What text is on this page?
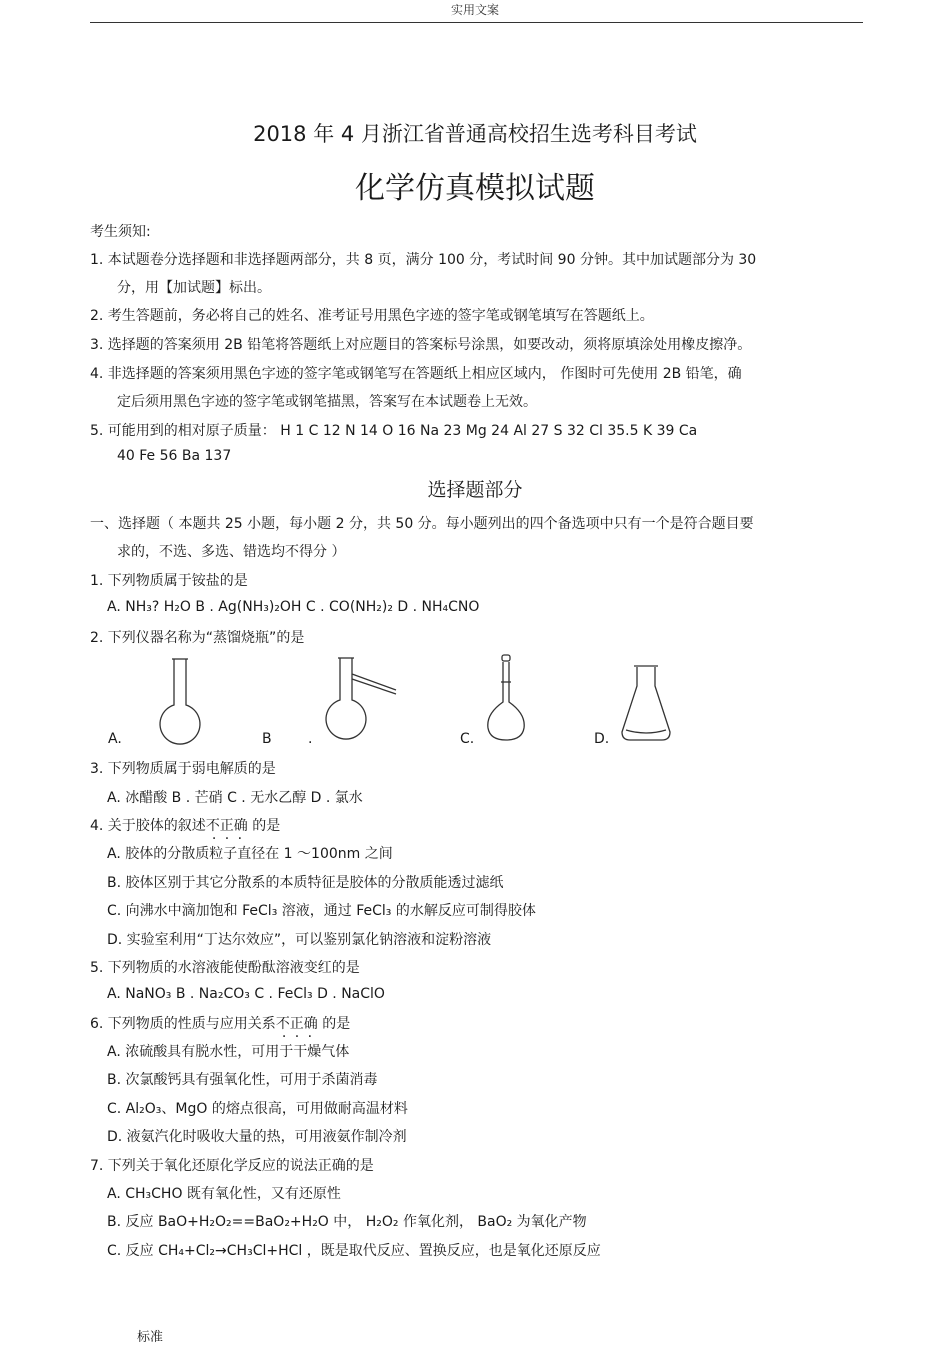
实用文案
2018 年 4 月浙江省普通高校招生选考科目考试
化学仿真模拟试题
考生须知:
1. 本试题卷分选择题和非选择题两部分，共 8 页，满分 100 分，考试时间 90 分钟。其中加试题部分为 30
分，用【加试题】标出。
2. 考生答题前，务必将自己的姓名、准考证号用黑色字迹的签字笔或钢笔填写在答题纸上。
3. 选择题的答案须用 2B 铅笔将答题纸上对应题目的答案标号涂黑，如要改动，须将原填涂处用橡皮擦净。
4. 非选择题的答案须用黑色字迹的签字笔或钢笔写在答题纸上相应区域内， 作图时可先使用 2B 铅笔，确
定后须用黑色字迹的签字笔或钢笔描黑，答案写在本试题卷上无效。
5. 可能用到的相对原子质量： H 1 C 12 N 14 O 16 Na 23 Mg 24 Al 27 S 32 Cl 35.5 K 39 Ca
40 Fe 56 Ba 137
选择题部分
一、选择题（ 本题共 25 小题，每小题 2 分，共 50 分。每小题列出的四个备选项中只有一个是符合题目要
求的，不选、多选、错选均不得分 ）
1. 下列物质属于铵盐的是
A. NH₃? H₂O B . Ag(NH₃)₂OH C . CO(NH₂)₂ D . NH₄CNO
2. 下列仪器名称为“蒸馏烧瓶”的是
A.	B	.	C.	D.
3. 下列物质属于弱电解质的是
A. 冰醋酸 B . 芒硝 C . 无水乙醇 D . 氯水
4. 关于胶体的叙述不正确 . . . 的是
A. 胶体的分散质粒子直径在 1 ～100nm 之间
B. 胶体区别于其它分散系的本质特征是胶体的分散质能透过滤纸
C. 向沸水中滴加饱和 FeCl₃ 溶液，通过 FeCl₃ 的水解反应可制得胶体
D. 实验室利用“丁达尔效应”，可以鉴别氯化钠溶液和淀粉溶液
5. 下列物质的水溶液能使酚酞溶液变红的是
A. NaNO₃ B . Na₂CO₃ C . FeCl₃ D . NaClO
6. 下列物质的性质与应用关系不正确 . . . 的是
A. 浓硫酸具有脱水性，可用于干燥气体
B. 次氯酸钙具有强氧化性，可用于杀菌消毒
C. Al₂O₃、MgO 的熔点很高，可用做耐高温材料
D. 液氨汽化时吸收大量的热，可用液氨作制冷剂
7. 下列关于氧化还原化学反应的说法正确的是
A. CH₃CHO 既有氧化性，又有还原性
B. 反应 BaO+H₂O₂==BaO₂+H₂O 中， H₂O₂ 作氧化剂， BaO₂ 为氧化产物
C. 反应 CH₄+Cl₂→CH₃Cl+HCl ，既是取代反应、置换反应，也是氧化还原反应
标准
